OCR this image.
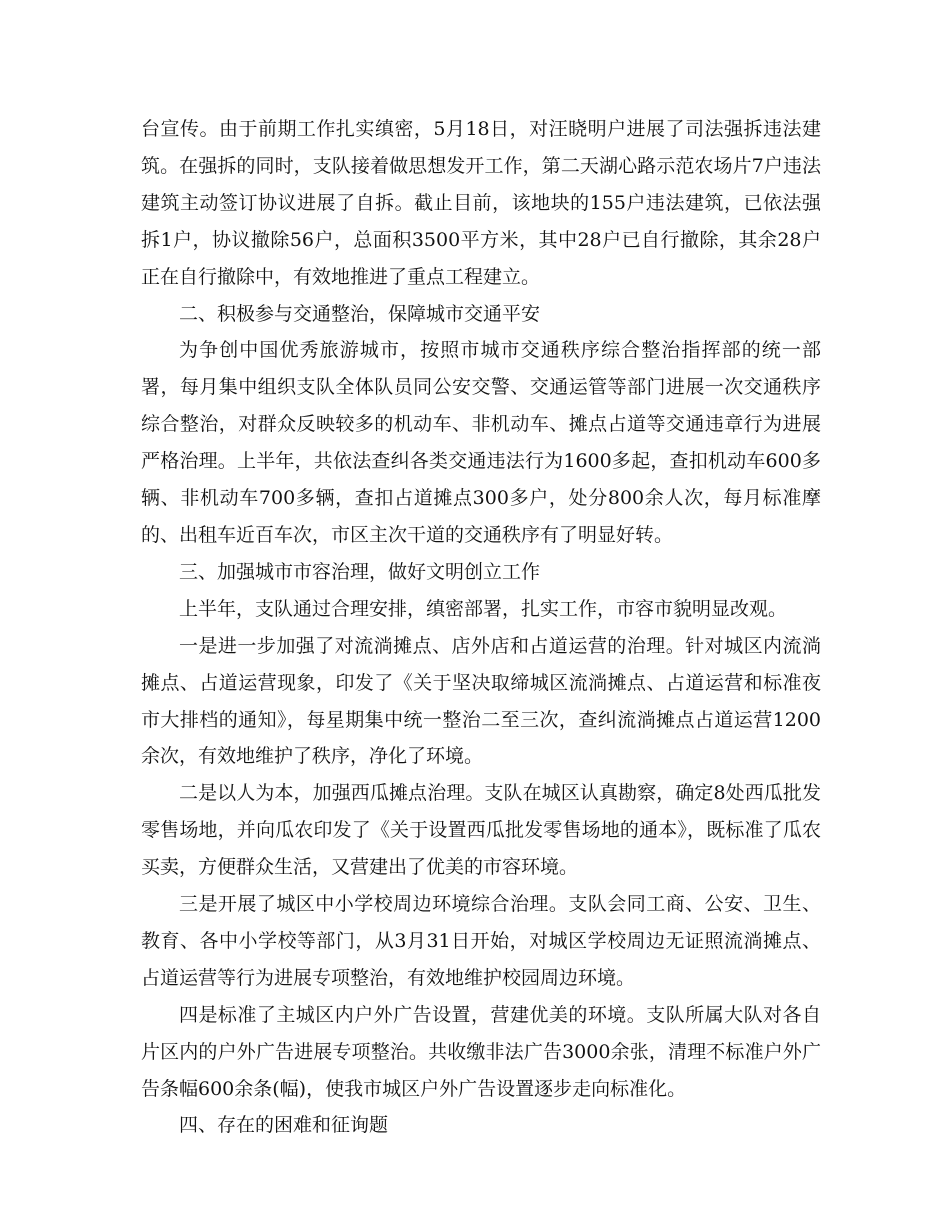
台宣传。由于前期工作扎实缜密，5月18日，对汪晓明户进展了司法强拆违法建筑。在强拆的同时，支队接着做思想发开工作，第二天湖心路示范农场片7户违法建筑主动签订协议进展了自拆。截止目前，该地块的155户违法建筑，已依法强拆1户，协议撤除56户，总面积3500平方米，其中28户已自行撤除，其余28户正在自行撤除中，有效地推进了重点工程建立。

二、积极参与交通整治，保障城市交通平安

为争创中国优秀旅游城市，按照市城市交通秩序综合整治指挥部的统一部署，每月集中组织支队全体队员同公安交警、交通运管等部门进展一次交通秩序综合整治，对群众反映较多的机动车、非机动车、摊点占道等交通违章行为进展严格治理。上半年，共依法查纠各类交通违法行为1600多起，查扣机动车600多辆、非机动车700多辆，查扣占道摊点300多户，处分800余人次，每月标准摩的、出租车近百车次，市区主次干道的交通秩序有了明显好转。

三、加强城市市容治理，做好文明创立工作

上半年，支队通过合理安排，缜密部署，扎实工作，市容市貌明显改观。

一是进一步加强了对流淌摊点、店外店和占道运营的治理。针对城区内流淌摊点、占道运营现象，印发了《关于坚决取缔城区流淌摊点、占道运营和标准夜市大排档的通知》，每星期集中统一整治二至三次，查纠流淌摊点占道运营1200余次，有效地维护了秩序，净化了环境。

二是以人为本，加强西瓜摊点治理。支队在城区认真勘察，确定8处西瓜批发零售场地，并向瓜农印发了《关于设置西瓜批发零售场地的通本》，既标准了瓜农买卖，方便群众生活，又营建出了优美的市容环境。

三是开展了城区中小学校周边环境综合治理。支队会同工商、公安、卫生、教育、各中小学校等部门，从3月31日开始，对城区学校周边无证照流淌摊点、占道运营等行为进展专项整治，有效地维护校园周边环境。

四是标准了主城区内户外广告设置，营建优美的环境。支队所属大队对各自片区内的户外广告进展专项整治。共收缴非法广告3000余张，清理不标准户外广告条幅600余条(幅)，使我市城区户外广告设置逐步走向标准化。

四、存在的困难和征询题
